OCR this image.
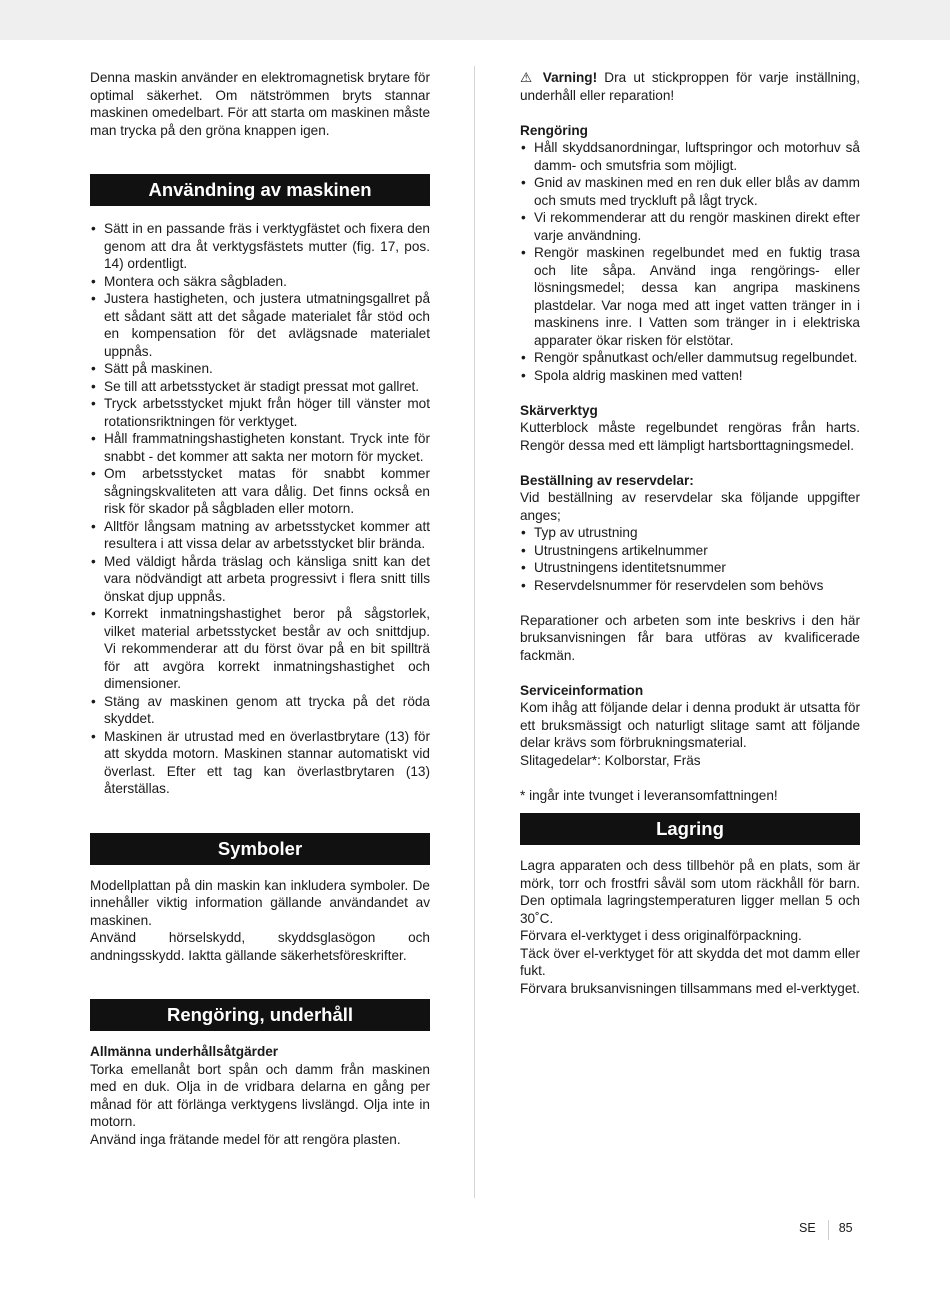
Denna maskin använder en elektromagnetisk brytare för optimal säkerhet. Om nätströmmen bryts stannar maskinen omedelbart. För att starta om maskinen måste man trycka på den gröna knappen igen.

Användning av maskinen
• Sätt in en passande fräs i verktygfästet och fixera den genom att dra åt verktygsfästets mutter (fig. 17, pos. 14) ordentligt.
• Montera och säkra sågbladen.
• Justera hastigheten, och justera utmatningsgallret på ett sådant sätt att det sågade materialet får stöd och en kompensation för det avlägsnade materialet uppnås.
• Sätt på maskinen.
• Se till att arbetsstycket är stadigt pressat mot gallret.
• Tryck arbetsstycket mjukt från höger till vänster mot rotationsriktningen för verktyget.
• Håll frammatningshastigheten konstant. Tryck inte för snabbt - det kommer att sakta ner motorn för mycket.
• Om arbetsstycket matas för snabbt kommer sågningskvaliteten att vara dålig. Det finns också en risk för skador på sågbladen eller motorn.
• Alltför långsam matning av arbetsstycket kommer att resultera i att vissa delar av arbetsstycket blir brända.
• Med väldigt hårda träslag och känsliga snitt kan det vara nödvändigt att arbeta progressivt i flera snitt tills önskat djup uppnås.
• Korrekt inmatningshastighet beror på sågstorlek, vilket material arbetsstycket består av och snittdjup. Vi rekommenderar att du först övar på en bit spillträ för att avgöra korrekt inmatningshastighet och dimensioner.
• Stäng av maskinen genom att trycka på det röda skyddet.
• Maskinen är utrustad med en överlastbrytare (13) för att skydda motorn. Maskinen stannar automatiskt vid överlast. Efter ett tag kan överlastbrytaren (13) återställas.
Symboler

Modellplattan på din maskin kan inkludera symboler. De innehåller viktig information gällande användandet av maskinen.

Använd hörselskydd, skyddsglasögon och andningsskydd. Iaktta gällande säkerhetsföreskrifter.

Rengöring, underhåll

Allmänna underhållsåtgärder

Torka emellanåt bort spån och damm från maskinen med en duk. Olja in de vridbara delarna en gång per månad för att förlänga verktygens livslängd. Olja inte in motorn.

Använd inga frätande medel för att rengöra plasten.

⚠ Varning! Dra ut stickproppen för varje inställning, underhåll eller reparation!

Rengöring

• Håll skyddsanordningar, luftspringor och motorhuv så damm- och smutsfria som möjligt.
• Gnid av maskinen med en ren duk eller blås av damm och smuts med tryckluft på lågt tryck.
• Vi rekommenderar att du rengör maskinen direkt efter varje användning.
• Rengör maskinen regelbundet med en fuktig trasa och lite såpa. Använd inga rengörings- eller lösningsmedel; dessa kan angripa maskinens plastdelar. Var noga med att inget vatten tränger in i maskinens inre. I Vatten som tränger in i elektriska apparater ökar risken för elstötar.
• Rengör spånutkast och/eller dammutsug regelbundet.
• Spola aldrig maskinen med vatten!

Skärverktyg

Kutterblock måste regelbundet rengöras från harts. Rengör dessa med ett lämpligt hartsborttagningsmedel.

Beställning av reservdelar:

Vid beställning av reservdelar ska följande uppgifter anges;

• Typ av utrustning
• Utrustningens artikelnummer
• Utrustningens identitetsnummer
• Reservdelsnummer för reservdelen som behövs

Reparationer och arbeten som inte beskrivs i den här bruksanvisningen får bara utföras av kvalificerade fackmän.

Serviceinformation

Kom ihåg att följande delar i denna produkt är utsatta för ett bruksmässigt och naturligt slitage samt att följande delar krävs som förbrukningsmaterial.

Slitagedelar*: Kolborstar, Fräs

* ingår inte tvunget i leveransomfattningen!

Lagring

Lagra apparaten och dess tillbehör på en plats, som är mörk, torr och frostfri såväl som utom räckhåll för barn. Den optimala lagringstemperaturen ligger mellan 5 och 30˚C.

Förvara el-verktyget i dess originalförpackning.

Täck över el-verktyget för att skydda det mot damm eller fukt.

Förvara bruksanvisningen tillsammans med el-verktyget.

SE	85
